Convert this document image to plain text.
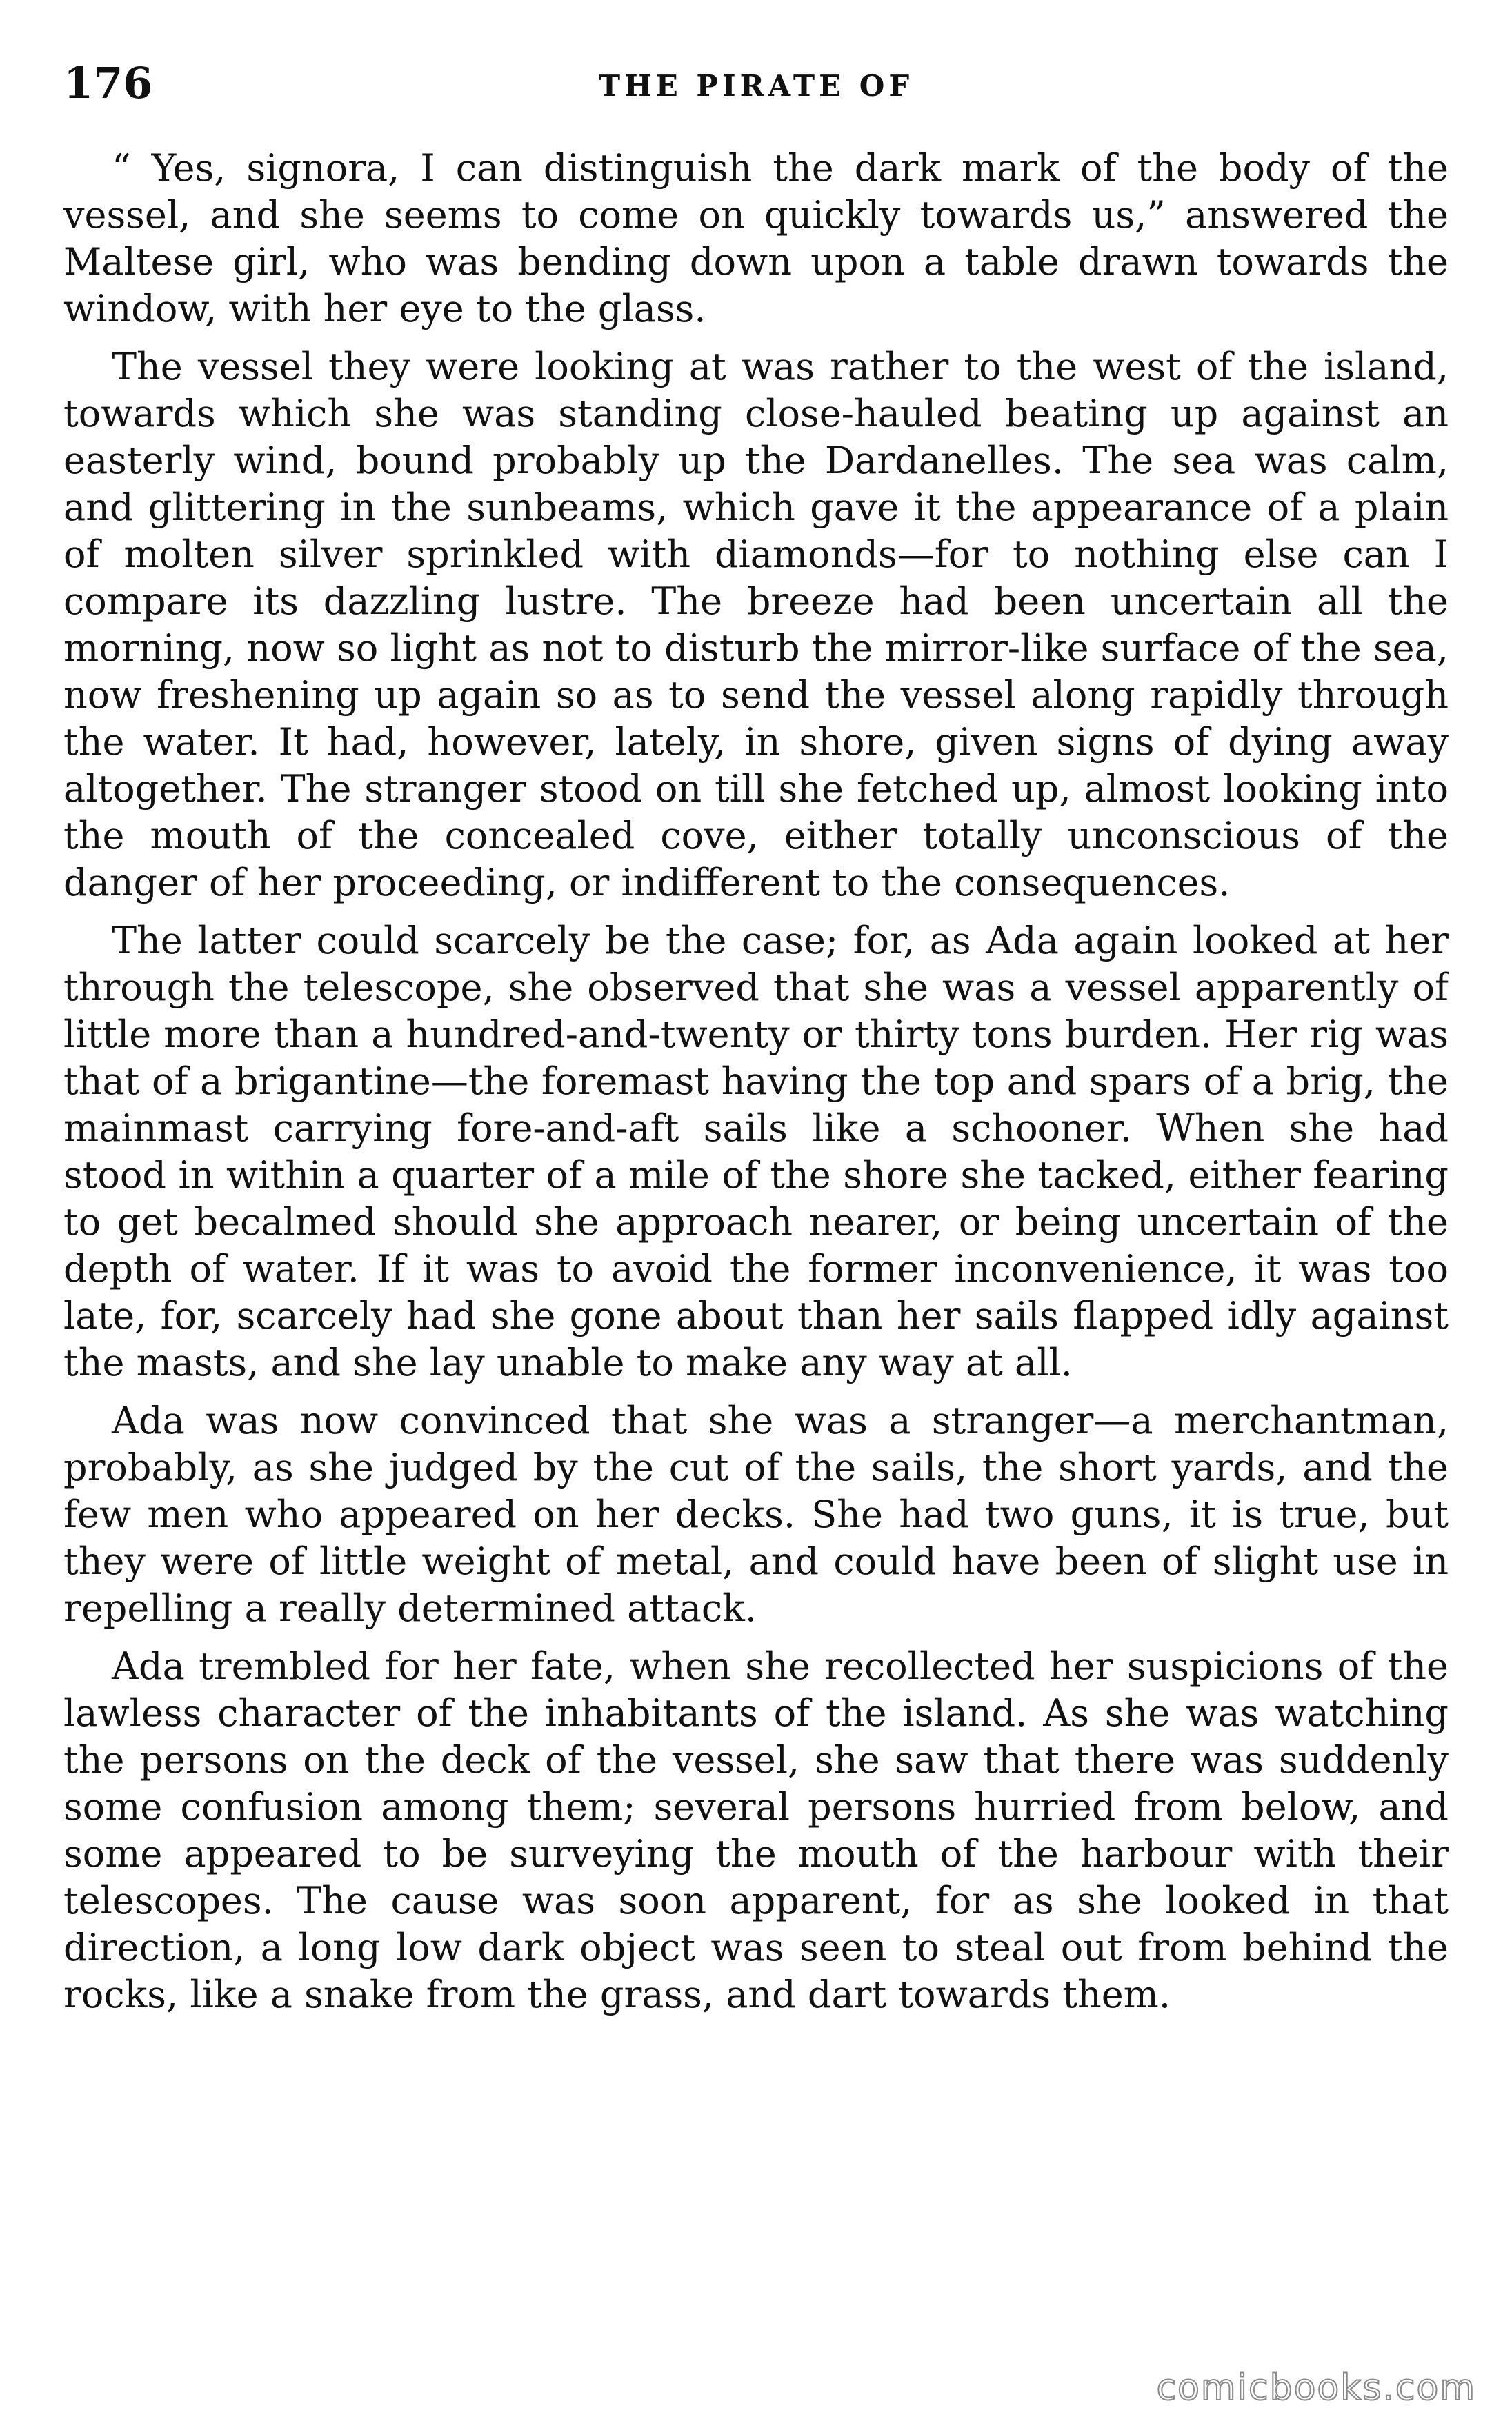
176	THE PIRATE OF

“ Yes, signora, I can distinguish the dark mark of the body of the vessel, and she seems to come on quickly towards us,” answered the Maltese girl, who was bending down upon a table drawn towards the window, with her eye to the glass.

The vessel they were looking at was rather to the west of the island, towards which she was standing close-hauled beating up against an easterly wind, bound probably up the Dardanelles. The sea was calm, and glittering in the sunbeams, which gave it the appearance of a plain of molten silver sprinkled with diamonds—for to nothing else can I compare its dazzling lustre. The breeze had been uncertain all the morning, now so light as not to disturb the mirror-like surface of the sea, now freshening up again so as to send the vessel along rapidly through the water. It had, however, lately, in shore, given signs of dying away altogether. The stranger stood on till she fetched up, almost looking into the mouth of the concealed cove, either totally unconscious of the danger of her proceeding, or indifferent to the consequences.

The latter could scarcely be the case; for, as Ada again looked at her through the telescope, she observed that she was a vessel apparently of little more than a hundred-and-twenty or thirty tons burden. Her rig was that of a brigantine—the foremast having the top and spars of a brig, the mainmast carrying fore-and-aft sails like a schooner. When she had stood in within a quarter of a mile of the shore she tacked, either fearing to get becalmed should she approach nearer, or being uncertain of the depth of water. If it was to avoid the former inconvenience, it was too late, for, scarcely had she gone about than her sails flapped idly against the masts, and she lay unable to make any way at all.

Ada was now convinced that she was a stranger—a merchantman, probably, as she judged by the cut of the sails, the short yards, and the few men who appeared on her decks. She had two guns, it is true, but they were of little weight of metal, and could have been of slight use in repelling a really determined attack.

Ada trembled for her fate, when she recollected her suspicions of the lawless character of the inhabitants of the island. As she was watching the persons on the deck of the vessel, she saw that there was suddenly some confusion among them; several persons hurried from below, and some appeared to be surveying the mouth of the harbour with their telescopes. The cause was soon apparent, for as she looked in that direction, a long low dark object was seen to steal out from behind the rocks, like a snake from the grass, and dart towards them.

comicbooks.com
